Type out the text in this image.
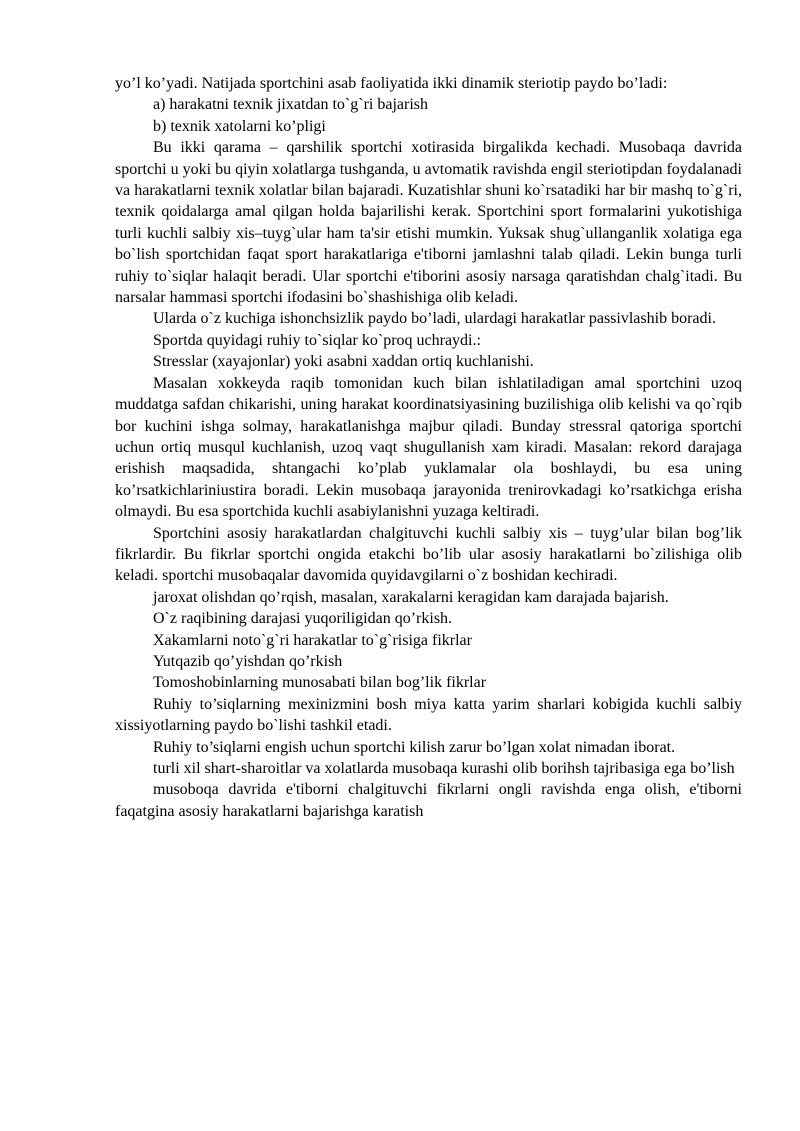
yo’l ko’yadi. Natijada sportchini asab faoliyatida ikki dinamik steriotip paydo bo’ladi:

a) harakatni texnik jixatdan to`g`ri bajarish

b) texnik xatolarni ko’pligi

Bu ikki qarama – qarshilik sportchi xotirasida birgalikda kechadi. Musobaqa davrida sportchi u yoki bu qiyin xolatlarga tushganda, u avtomatik ravishda engil steriotipdan foydalanadi va harakatlarni texnik xolatlar bilan bajaradi. Kuzatishlar shuni ko`rsatadiki har bir mashq to`g`ri, texnik qoidalarga amal qilgan holda bajarilishi kerak. Sportchini sport formalarini yukotishiga turli kuchli salbiy xis–tuyg`ular ham ta'sir etishi mumkin. Yuksak shug`ullanganlik xolatiga ega bo`lish sportchidan faqat sport harakatlariga e'tiborni jamlashni talab qiladi. Lekin bunga turli ruhiy to`siqlar halaqit beradi. Ular sportchi e'tiborini asosiy narsaga qaratishdan chalg`itadi. Bu narsalar hammasi sportchi ifodasini bo`shashishiga olib keladi.

Ularda o`z kuchiga ishonchsizlik paydo bo’ladi, ulardagi harakatlar passivlashib boradi.

Sportda quyidagi ruhiy to`siqlar ko`proq uchraydi.:

Stresslar (xayajonlar) yoki asabni xaddan ortiq kuchlanishi.

Masalan xokkeyda raqib tomonidan kuch bilan ishlatiladigan amal sportchini uzoq muddatga safdan chikarishi, uning harakat koordinatsiyasining buzilishiga olib kelishi va qo`rqib bor kuchini ishga solmay, harakatlanishga majbur qiladi. Bunday stressral qatoriga sportchi uchun ortiq musqul kuchlanish, uzoq vaqt shugullanish xam kiradi. Masalan: rekord darajaga erishish maqsadida, shtangachi ko’plab yuklamalar ola boshlaydi, bu esa uning ko’rsatkichlariniustira boradi. Lekin musobaqa jarayonida trenirovkadagi ko’rsatkichga erisha olmaydi. Bu esa sportchida kuchli asabiylanishni yuzaga keltiradi.

Sportchini asosiy harakatlardan chalgituvchi kuchli salbiy xis – tuyg’ular bilan bog’lik fikrlardir. Bu fikrlar sportchi ongida etakchi bo’lib ular asosiy harakatlarni bo`zilishiga olib keladi. sportchi musobaqalar davomida quyidavgilarni o`z boshidan kechiradi.

jaroxat olishdan qo’rqish, masalan, xarakalarni keragidan kam darajada bajarish.

O`z raqibining darajasi yuqoriligidan qo’rkish.

Xakamlarni noto`g`ri harakatlar to`g`risiga fikrlar

Yutqazib qo’yishdan qo’rkish

Tomoshobinlarning munosabati bilan bog’lik fikrlar

Ruhiy to’siqlarning mexinizmini bosh miya katta yarim sharlari kobigida kuchli salbiy xissiyotlarning paydo bo`lishi tashkil etadi.

Ruhiy to’siqlarni engish uchun sportchi kilish zarur bo’lgan xolat nimadan iborat.

turli xil shart-sharoitlar va xolatlarda musobaqa kurashi olib borihsh tajribasiga ega bo’lish

musoboqa davrida e'tiborni chalgituvchi fikrlarni ongli ravishda enga olish, e'tiborni faqatgina asosiy harakatlarni bajarishga karatish
